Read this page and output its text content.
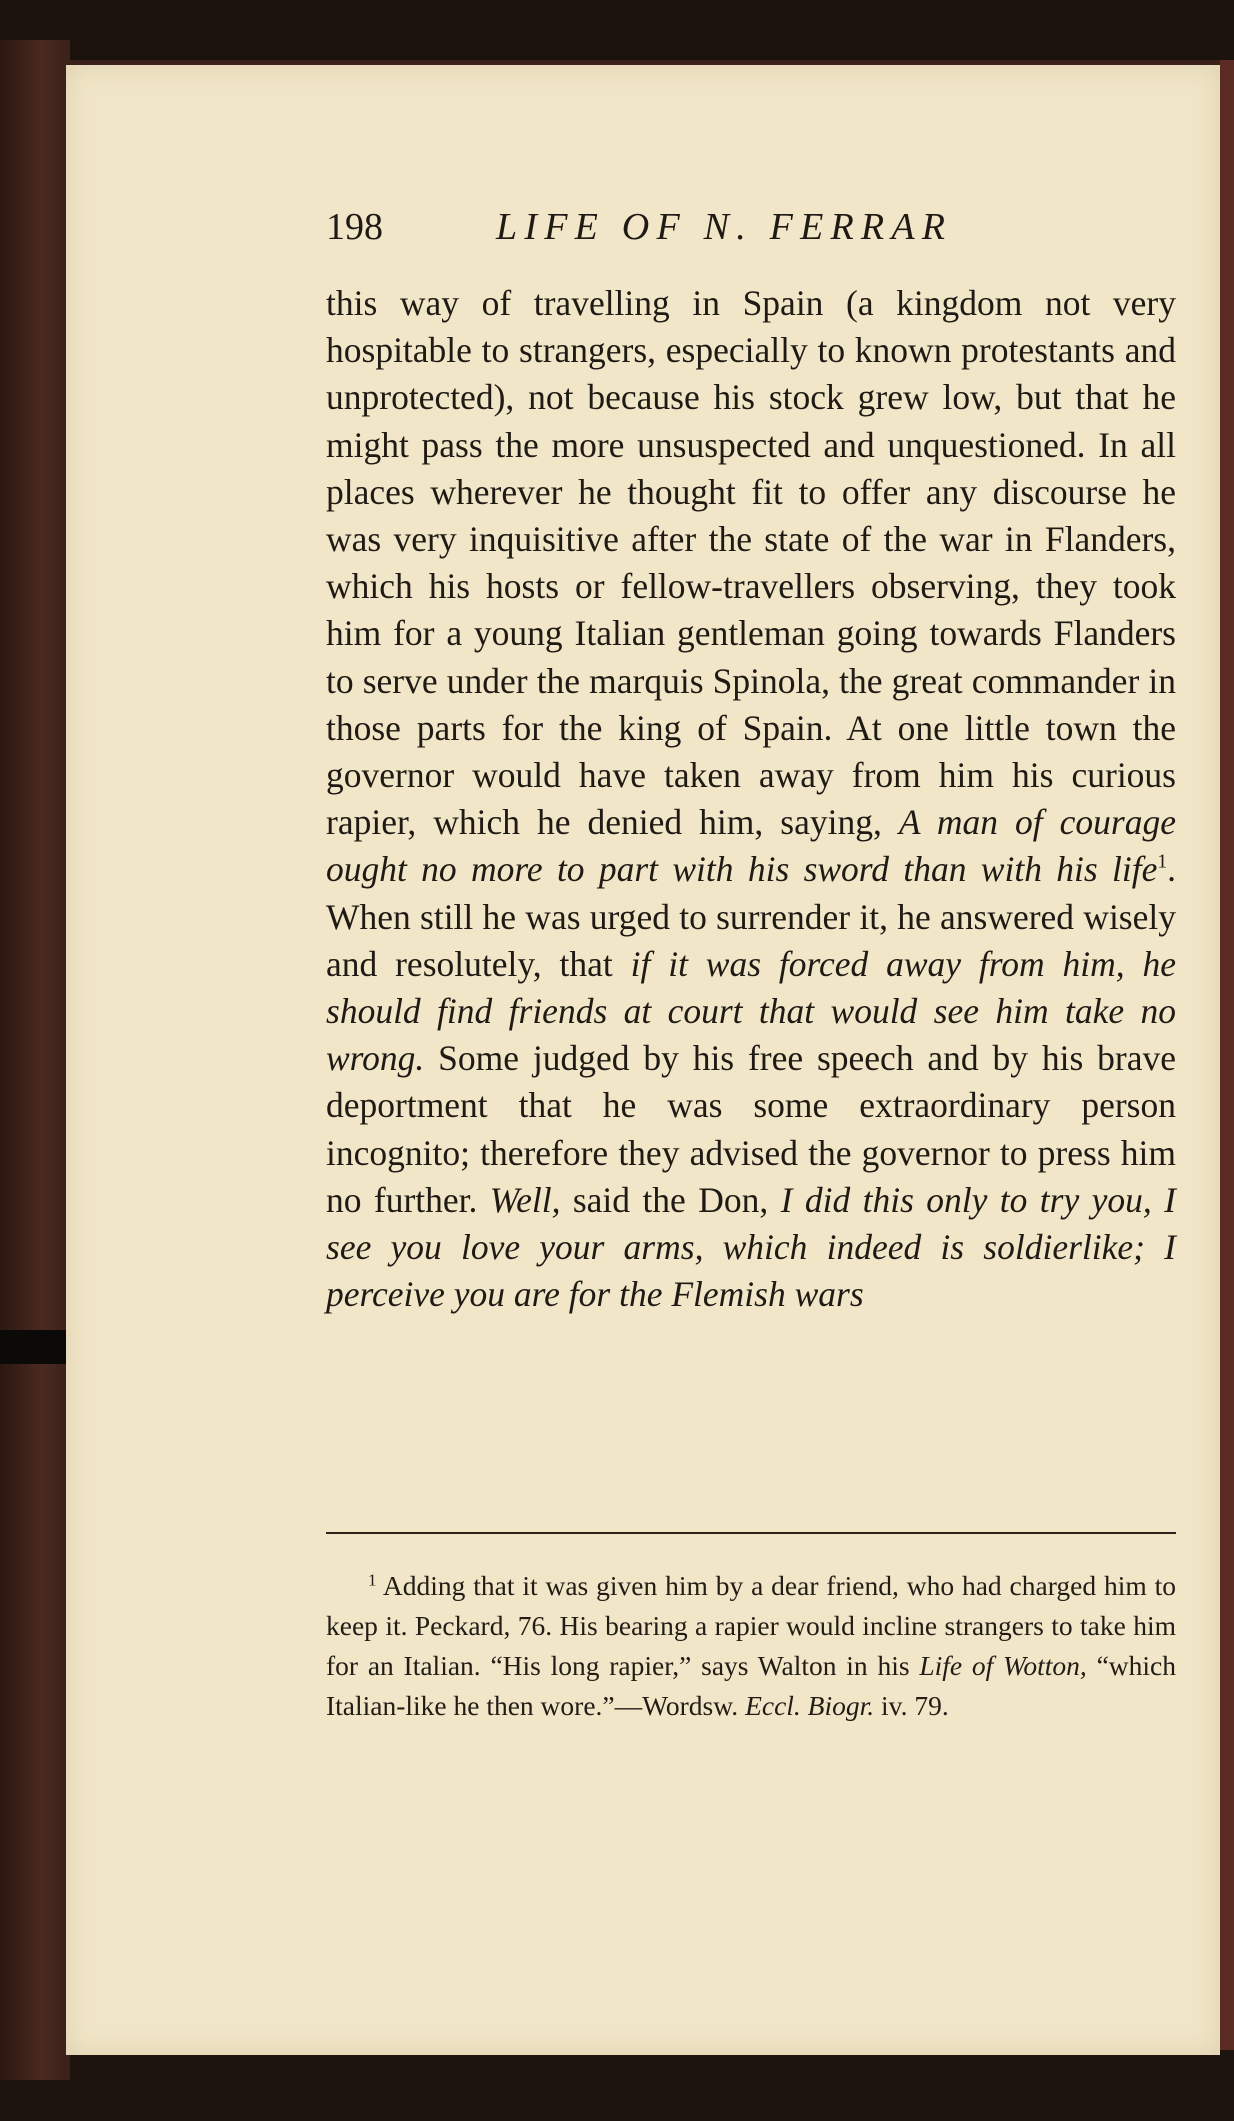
198	LIFE OF N. FERRAR

this way of travelling in Spain (a kingdom not very hospitable to strangers, especially to known protestants and unprotected), not because his stock grew low, but that he might pass the more unsuspected and unquestioned. In all places wherever he thought fit to offer any discourse he was very inquisitive after the state of the war in Flanders, which his hosts or fellow-travellers observing, they took him for a young Italian gentleman going towards Flanders to serve under the marquis Spinola, the great commander in those parts for the king of Spain. At one little town the governor would have taken away from him his curious rapier, which he denied him, saying, A man of courage ought no more to part with his sword than with his life$^1$. When still he was urged to surrender it, he answered wisely and resolutely, that if it was forced away from him, he should find friends at court that would see him take no wrong. Some judged by his free speech and by his brave deportment that he was some extraordinary person incognito; therefore they advised the governor to press him no further. Well, said the Don, I did this only to try you, I see you love your arms, which indeed is soldierlike; I perceive you are for the Flemish wars

$^1$ Adding that it was given him by a dear friend, who had charged him to keep it. Peckard, 76. His bearing a rapier would incline strangers to take him for an Italian. “His long rapier,” says Walton in his Life of Wotton, “which Italian-like he then wore.”—Wordsw. Eccl. Biogr. iv. 79.
